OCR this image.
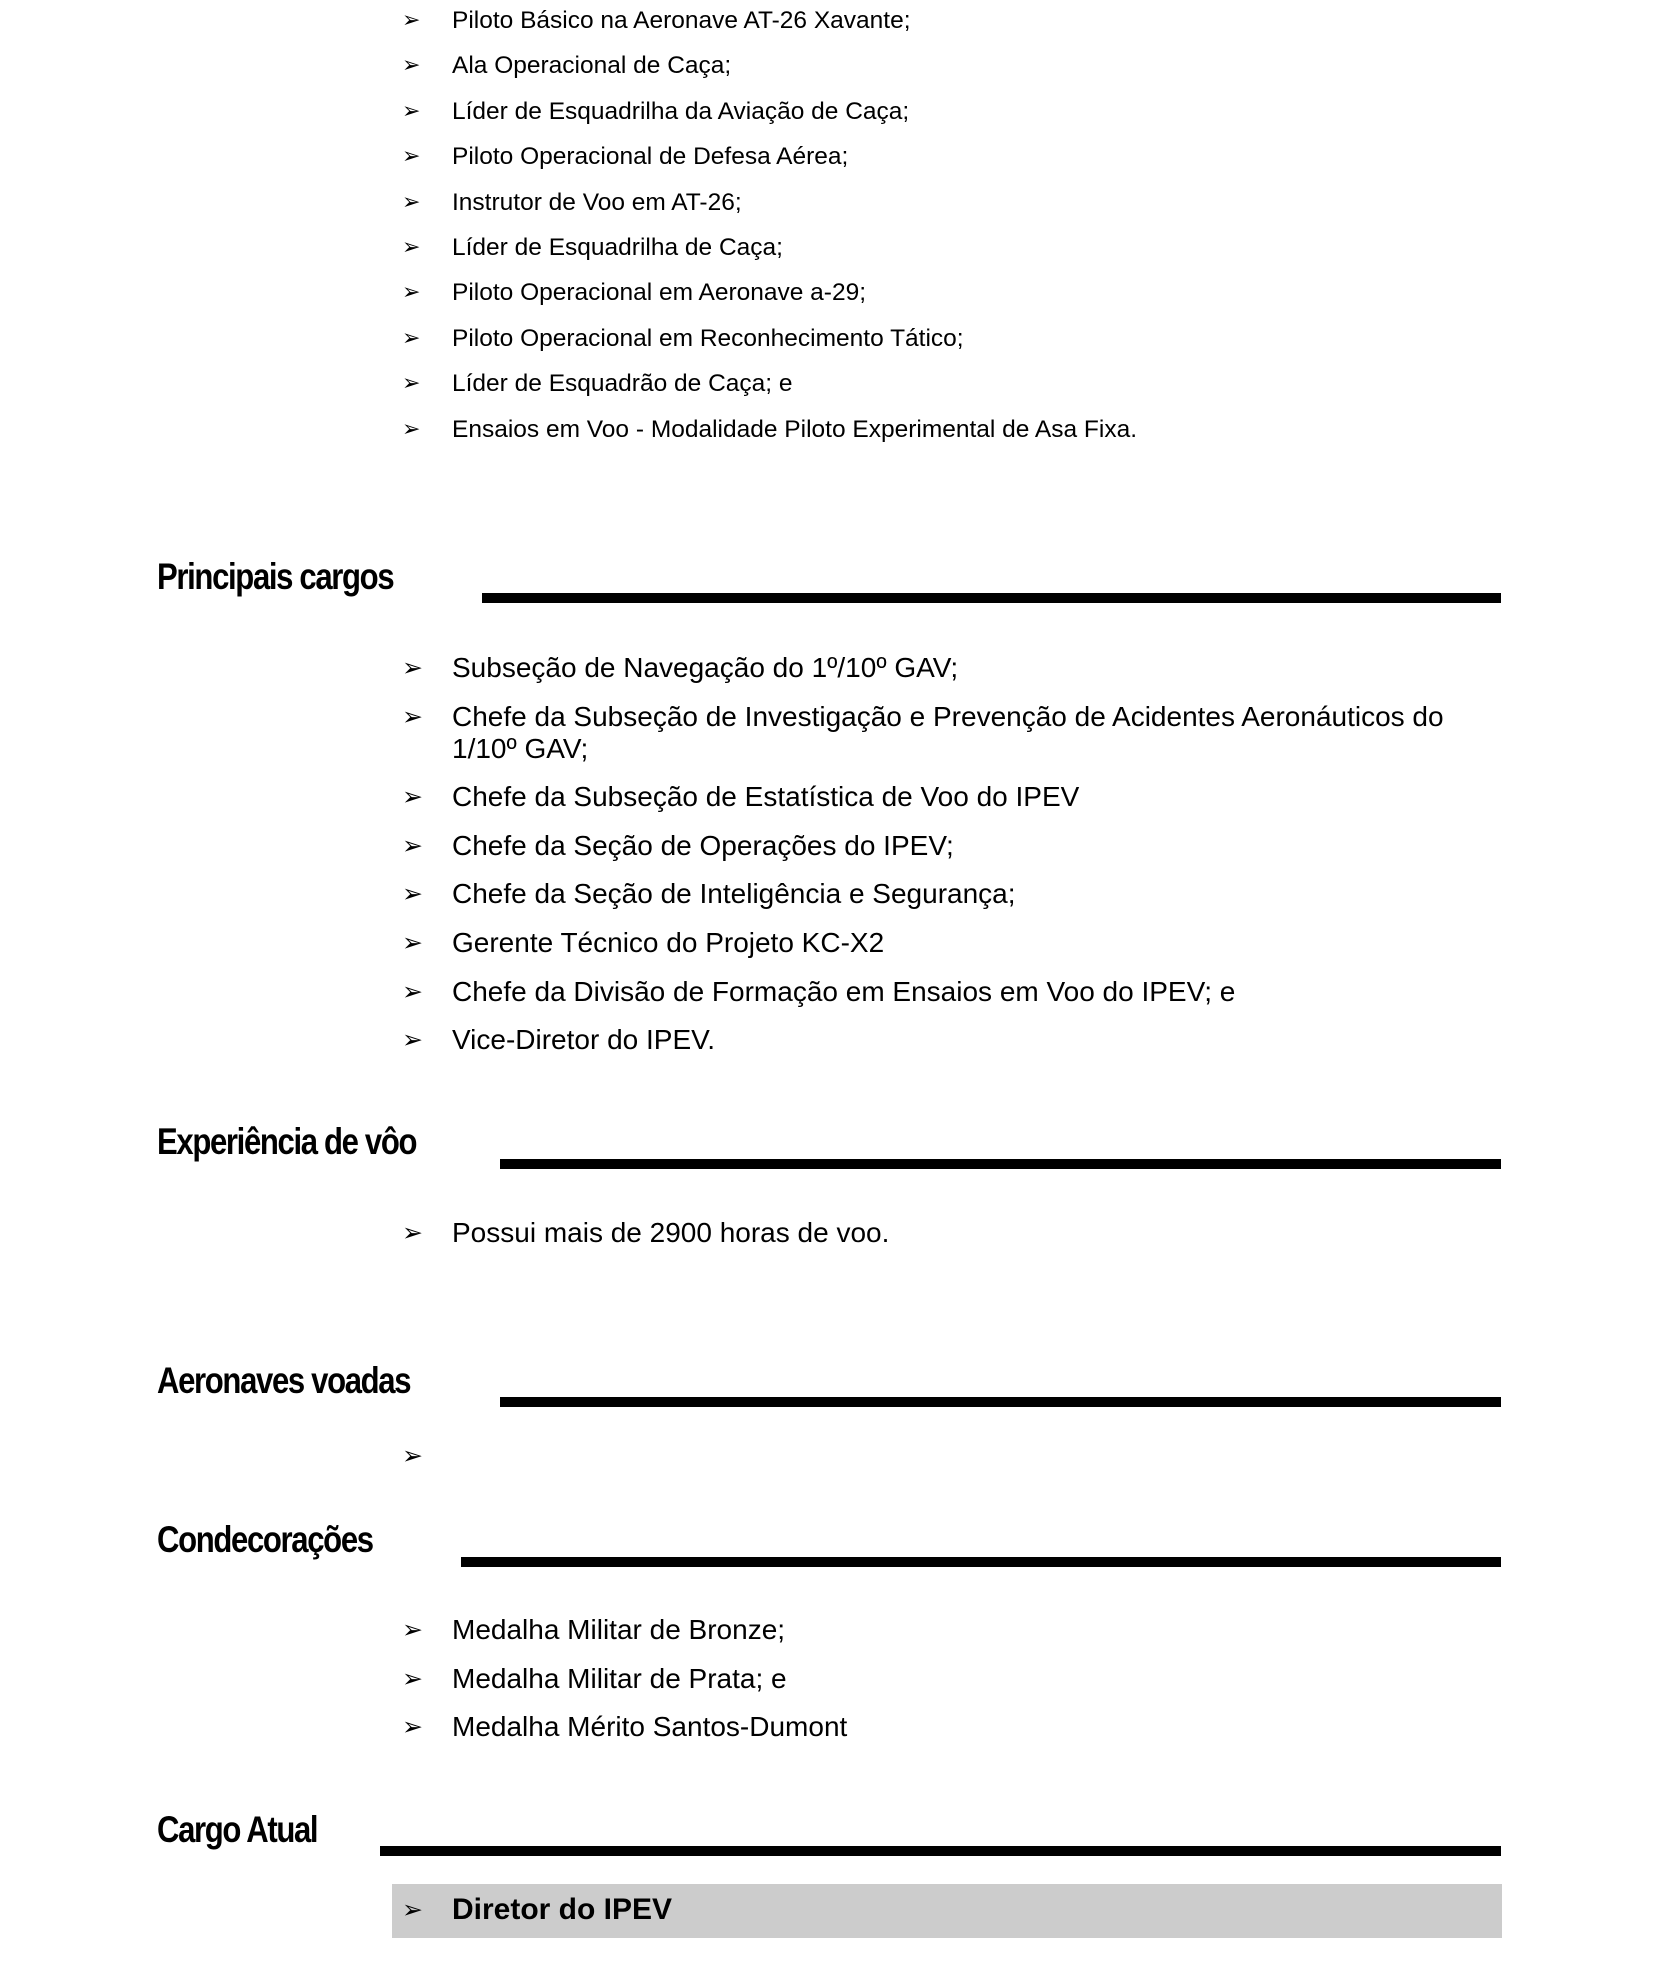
➢ Piloto Básico na Aeronave AT-26 Xavante;
➢ Ala Operacional de Caça;
➢ Líder de Esquadrilha da Aviação de Caça;
➢ Piloto Operacional de Defesa Aérea;
➢ Instrutor de Voo em AT-26;
➢ Líder de Esquadrilha de Caça;
➢ Piloto Operacional em Aeronave a-29;
➢ Piloto Operacional em Reconhecimento Tático;
➢ Líder de Esquadrão de Caça; e
➢ Ensaios em Voo - Modalidade Piloto Experimental de Asa Fixa.
Principais cargos
➢ Subseção de Navegação do 1º/10º GAV;
➢ Chefe da Subseção de Investigação e Prevenção de Acidentes Aeronáuticos do 1/10º GAV;
➢ Chefe da Subseção de Estatística de Voo do IPEV
➢ Chefe da Seção de Operações do IPEV;
➢ Chefe da Seção de Inteligência e Segurança;
➢ Gerente Técnico do Projeto KC-X2
➢ Chefe da Divisão de Formação em Ensaios em Voo do IPEV; e
➢ Vice-Diretor do IPEV.
Experiência de vôo
➢ Possui mais de 2900 horas de voo.
Aeronaves voadas
➢
Condecorações
➢ Medalha Militar de Bronze;
➢ Medalha Militar de Prata; e
➢ Medalha Mérito Santos-Dumont
Cargo Atual
➢ Diretor do IPEV
